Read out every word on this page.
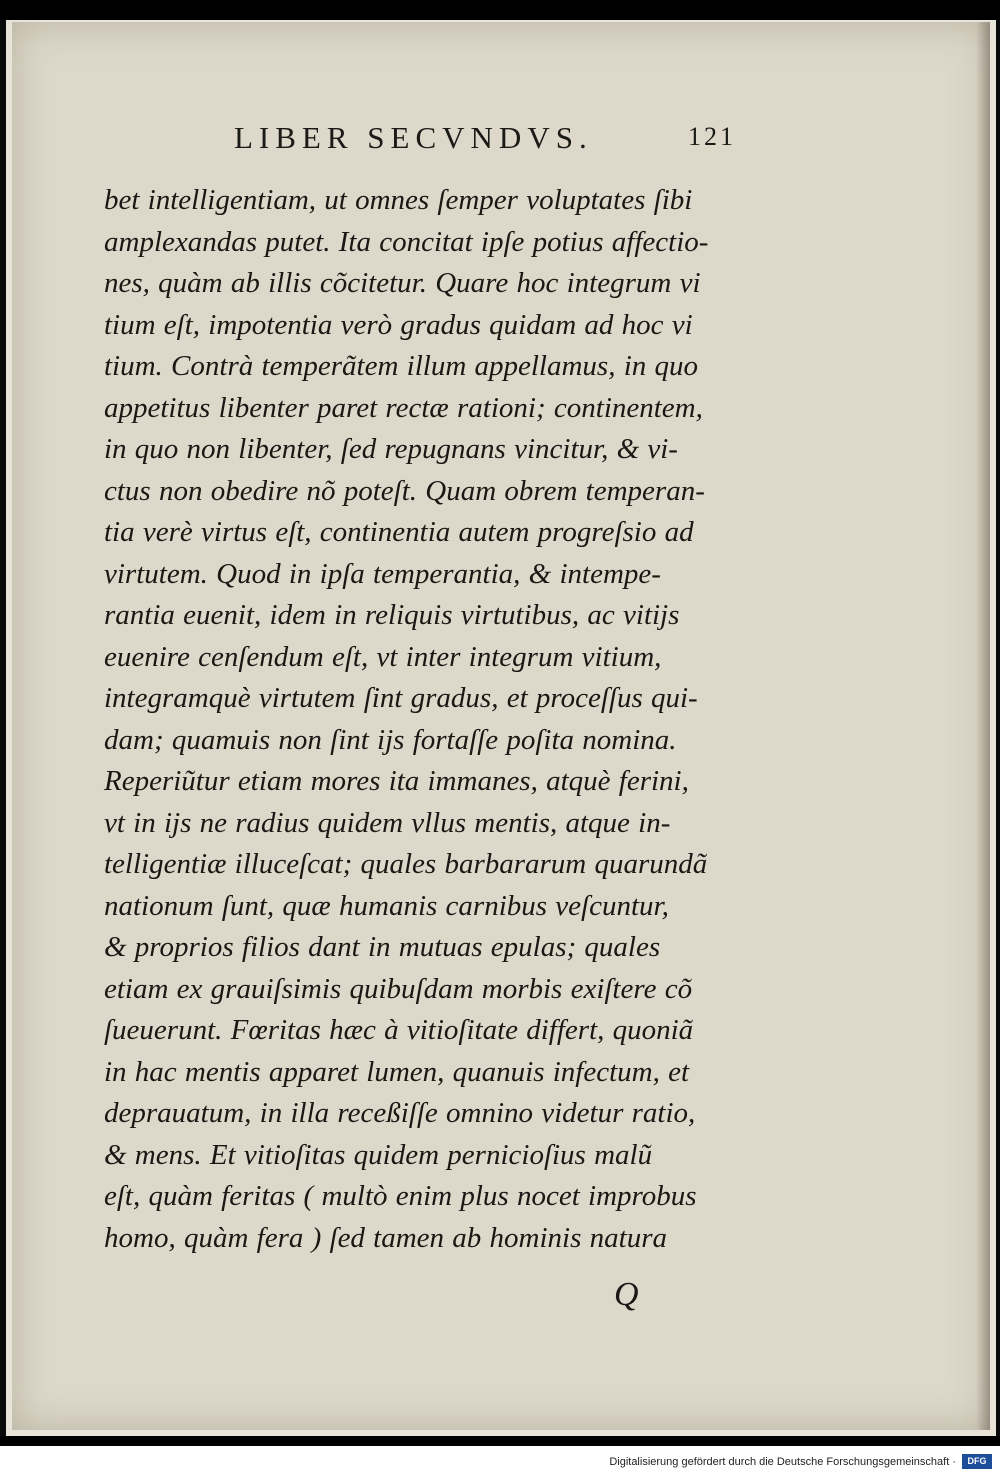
LIBER SECVNDVS.	121
bet intelligentiam, ut omnes ſemper voluptates ſibi
amplexandas putet. Ita concitat ipſe potius affectio-
nes, quàm ab illis cõcitetur. Quare hoc integrum vi
tium eſt, impotentia verò gradus quidam ad hoc vi
tium. Contrà temperãtem illum appellamus, in quo
appetitus libenter paret rectæ rationi; continentem,
in quo non libenter, ſed repugnans vincitur, & vi-
ctus non obedire nõ poteſt. Quam obrem temperan-
tia verè virtus eſt, continentia autem progreſsio ad
virtutem. Quod in ipſa temperantia, & intempe-
rantia euenit, idem in reliquis virtutibus, ac vitijs
euenire cenſendum eſt, vt inter integrum vitium,
integramquè virtutem ſint gradus, et proceſſus qui-
dam; quamuis non ſint ijs fortaſſe poſita nomina.
Reperiũtur etiam mores ita immanes, atquè ferini,
vt in ijs ne radius quidem vllus mentis, atque in-
telligentiæ illuceſcat; quales barbararum quarundã
nationum ſunt, quæ humanis carnibus veſcuntur,
& proprios filios dant in mutuas epulas; quales
etiam ex grauiſsimis quibuſdam morbis exiſtere cõ
ſueuerunt. Fœritas hæc à vitioſitate differt, quoniã
in hac mentis apparet lumen, quanuis infectum, et
deprauatum, in illa receßiſſe omnino videtur ratio,
& mens. Et vitioſitas quidem pernicioſius malũ
eſt, quàm feritas ( multò enim plus nocet improbus
homo, quàm fera ) ſed tamen ab hominis natura
Q
Digitalisierung gefördert durch die Deutsche Forschungsgemeinschaft ·	DFG
